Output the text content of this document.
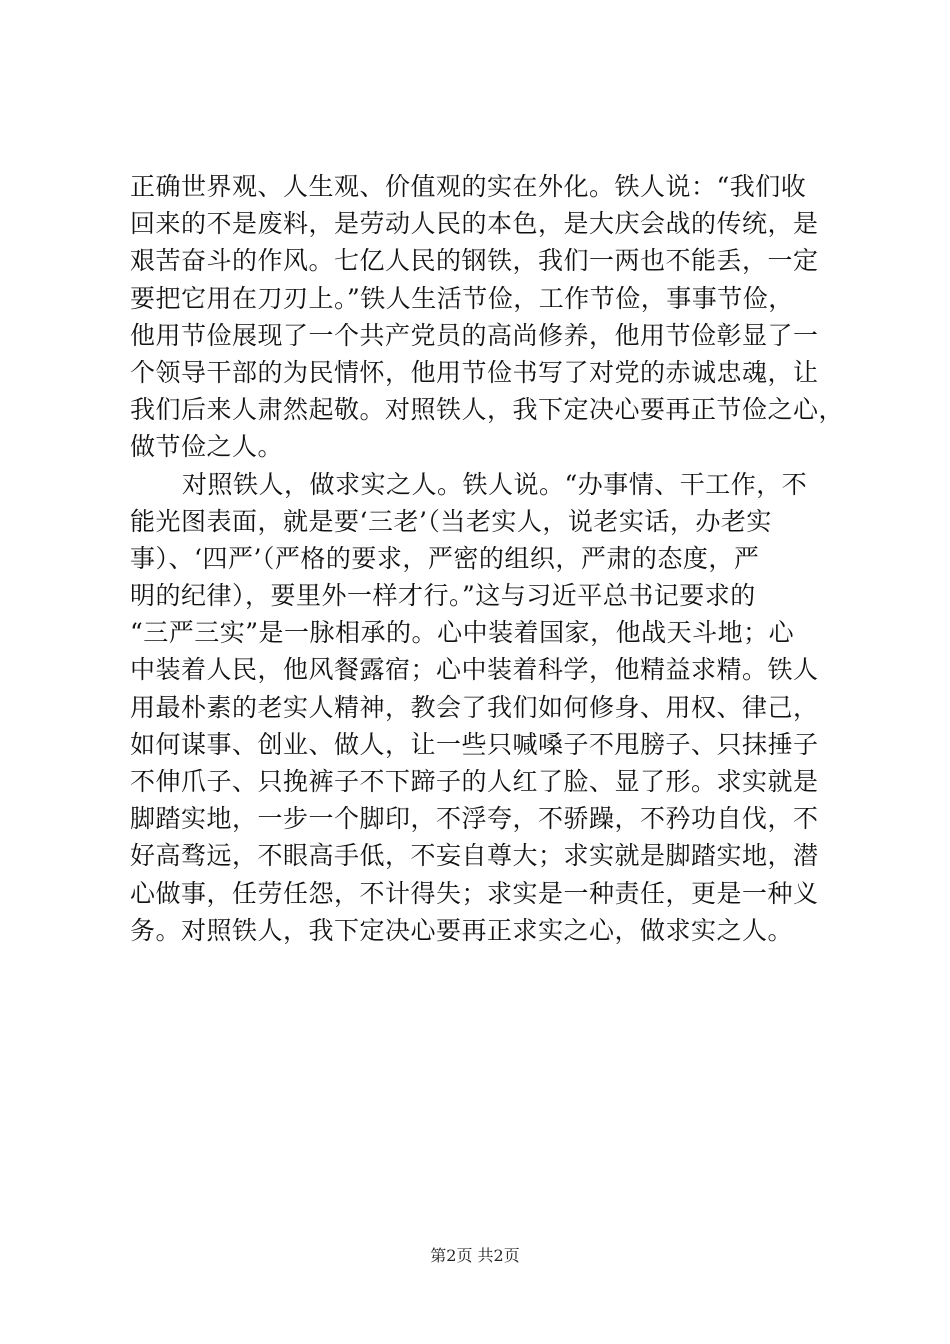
正确世界观、人生观、价值观的实在外化。铁人说：“我们收
回来的不是废料，是劳动人民的本色，是大庆会战的传统，是
艰苦奋斗的作风。七亿人民的钢铁，我们一两也不能丢，一定
要把它用在刀刃上。”铁人生活节俭，工作节俭，事事节俭，
他用节俭展现了一个共产党员的高尚修养，他用节俭彰显了一
个领导干部的为民情怀，他用节俭书写了对党的赤诚忠魂，让
我们后来人肃然起敬。对照铁人，我下定决心要再正节俭之心，
做节俭之人。
对照铁人，做求实之人。铁人说。“办事情、干工作，不
能光图表面，就是要‘三老’（当老实人，说老实话，办老实
事）、‘四严’（严格的要求，严密的组织，严肃的态度，严
明的纪律），要里外一样才行。”这与习近平总书记要求的
“三严三实”是一脉相承的。心中装着国家，他战天斗地；心
中装着人民，他风餐露宿；心中装着科学，他精益求精。铁人
用最朴素的老实人精神，教会了我们如何修身、用权、律己，
如何谋事、创业、做人，让一些只喊嗓子不甩膀子、只抹捶子
不伸爪子、只挽裤子不下蹄子的人红了脸、显了形。求实就是
脚踏实地，一步一个脚印，不浮夸，不骄躁，不矜功自伐，不
好高骛远，不眼高手低，不妄自尊大；求实就是脚踏实地，潜
心做事，任劳任怨，不计得失；求实是一种责任，更是一种义
务。对照铁人，我下定决心要再正求实之心，做求实之人。
第2页 共2页
